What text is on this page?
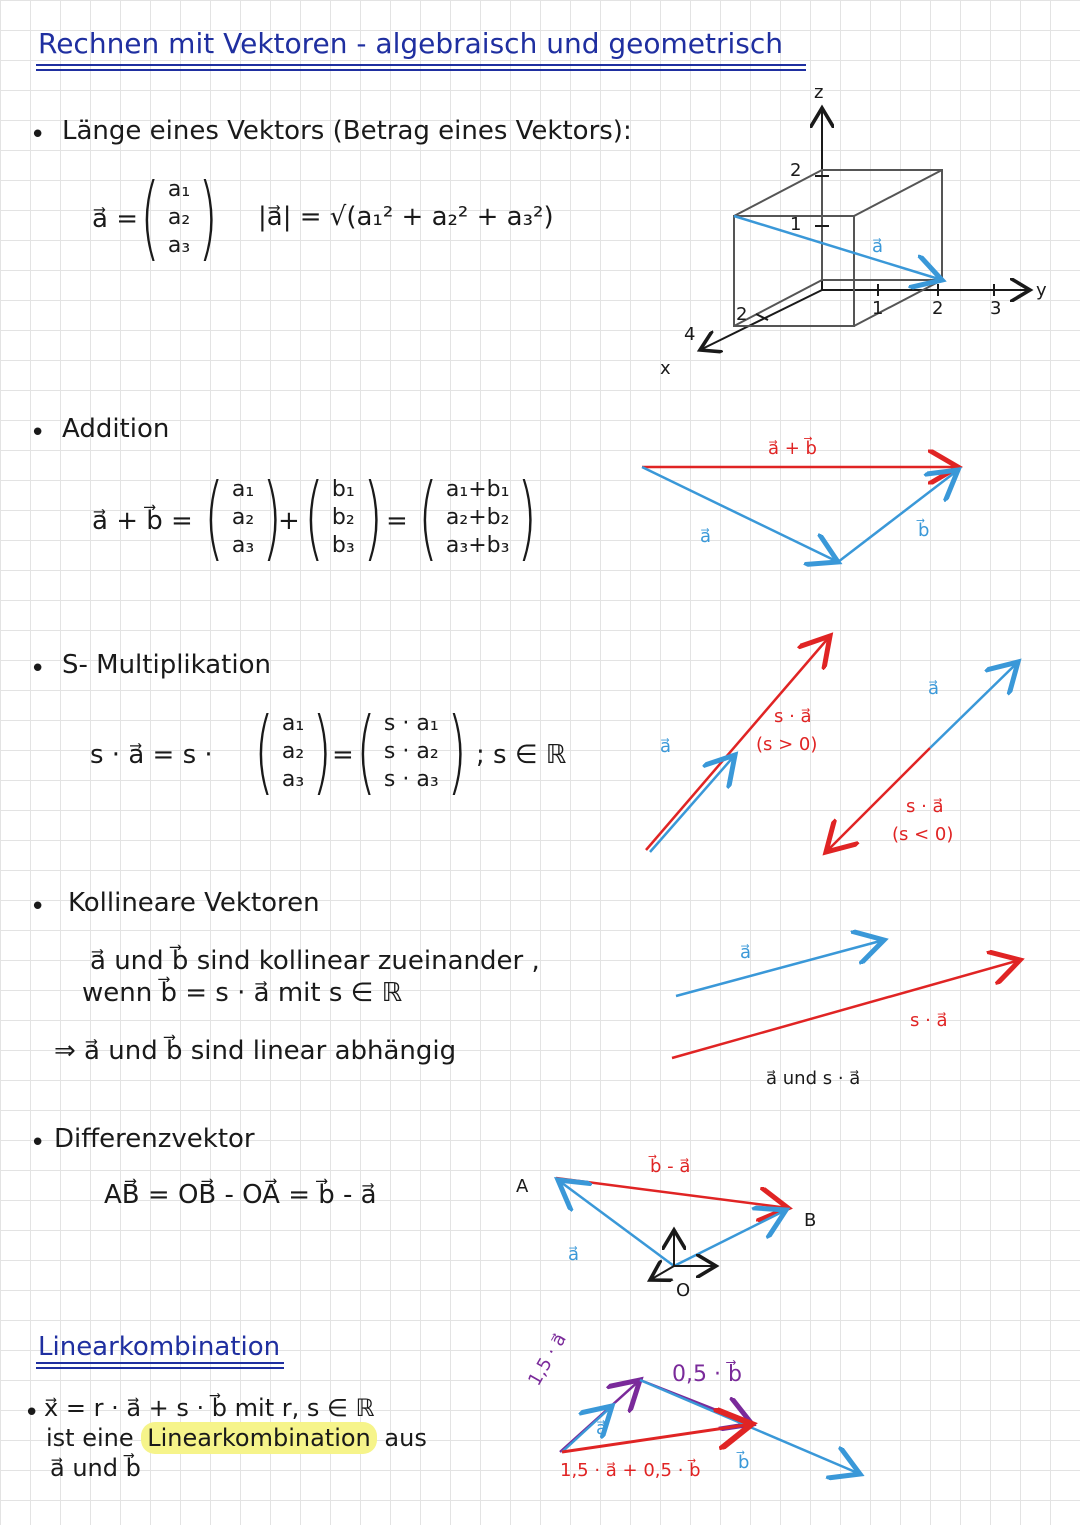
Rechnen mit Vektoren - algebraisch und geometrisch
• Länge eines Vektors (Betrag eines Vektors):
a⃗ = ( a₁
a₂
a₃ ) |a⃗| = √(a₁² + a₂² + a₃²)
z
y
x
2
1
1	2	3
2
4
a⃗
• Addition
a⃗ + b⃗ = ( a₁
a₂
a₃ )
+ ( b₁
b₂
b₃ ) = ( a₁+b₁
a₂+b₂
a₃+b₃ )
a⃗ + b⃗
a⃗	b⃗
• S- Multiplikation
s · a⃗ = s · ( a₁
a₂
a₃ ) = ( s · a₁
s · a₂
s · a₃ ) ; s ∈ ℝ	a⃗
s · a⃗
(s > 0)
a⃗
s · a⃗
(s < 0)
• Kollineare Vektoren
a⃗ und b⃗ sind kollinear zueinander ,
wenn b⃗ = s · a⃗ mit s ∈ ℝ
⇒ a⃗ und b⃗ sind linear abhängig
a⃗
s · a⃗
a⃗ und s · a⃗
• Differenzvektor
AB⃗ = OB⃗ - OA⃗ = b⃗ - a⃗	A
B
O
b⃗ - a⃗
a⃗
Linearkombination
• x⃗ = r · a⃗ + s · b⃗ mit r, s ∈ ℝ
ist eine Linearkombination aus
a⃗ und b⃗
1,5 · a⃗	0,5 · b⃗
a⃗
b⃗
1,5 · a⃗ + 0,5 · b⃗
